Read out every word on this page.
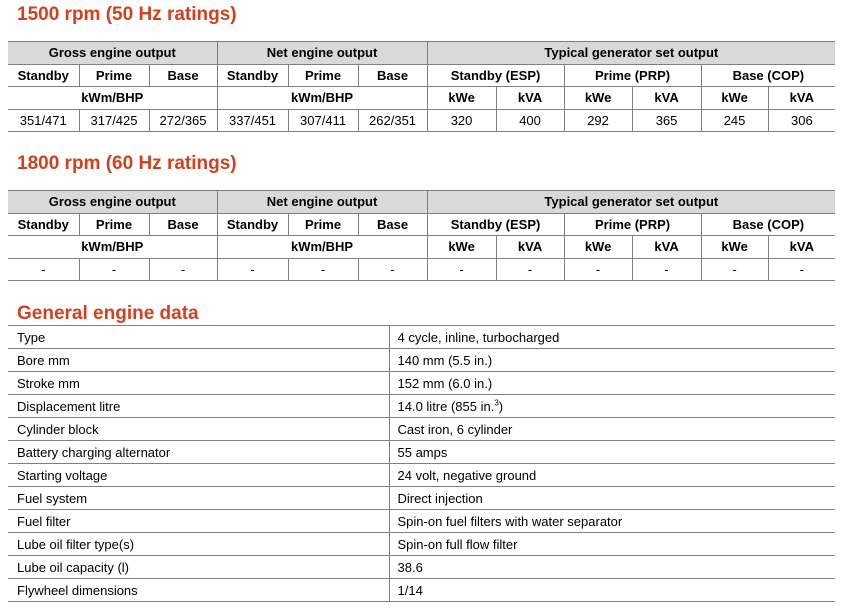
1500 rpm (50 Hz ratings)
Gross engine output			Net engine output			Typical generator set output					
Standby	Prime	Base	Standby	Prime	Base	Standby (ESP)		Prime (PRP)		Base (COP)	
kWm/BHP			kWm/BHP			kWe	kVA	kWe	kVA	kWe	kVA
351/471	317/425	272/365	337/451	307/411	262/351	320	400	292	365	245	306
1800 rpm (60 Hz ratings)
Gross engine output			Net engine output			Typical generator set output					
Standby	Prime	Base	Standby	Prime	Base	Standby (ESP)		Prime (PRP)		Base (COP)	
kWm/BHP			kWm/BHP			kWe	kVA	kWe	kVA	kWe	kVA
-	-	-	-	-	-	-	-	-	-	-	-
General engine data
Type	4 cycle, inline, turbocharged
Bore mm	140 mm (5.5 in.)
Stroke mm	152 mm (6.0 in.)
Displacement litre	14.0 litre (855 in.$^3$)
Cylinder block	Cast iron, 6 cylinder
Battery charging alternator	55 amps
Starting voltage	24 volt, negative ground
Fuel system	Direct injection
Fuel filter	Spin-on fuel filters with water separator
Lube oil filter type(s)	Spin-on full flow filter
Lube oil capacity (l)	38.6
Flywheel dimensions	1/14
